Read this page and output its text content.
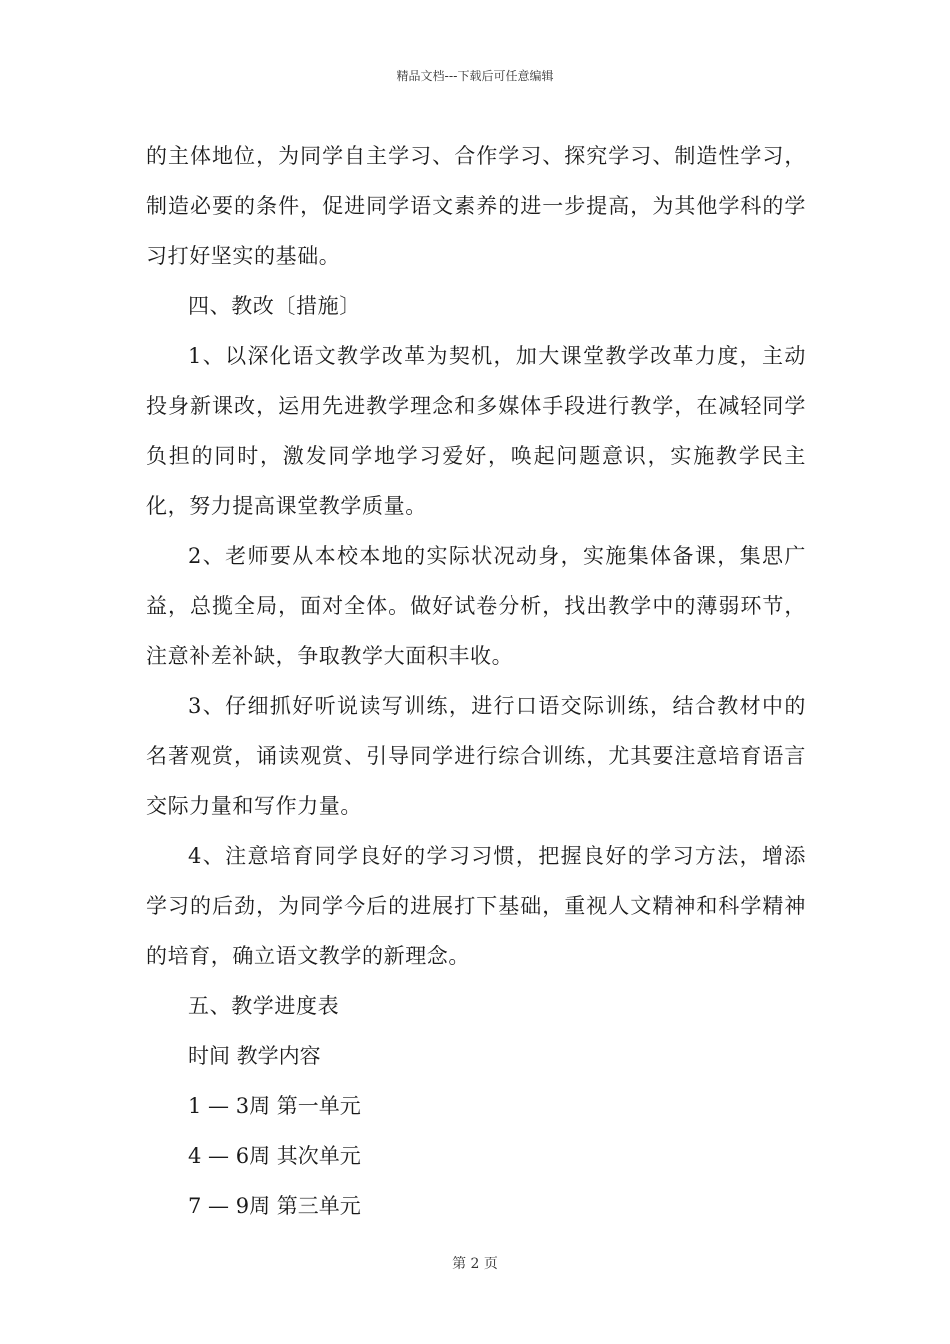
精品文档---下载后可任意编辑

的主体地位，为同学自主学习、合作学习、探究学习、制造性学习，制造必要的条件，促进同学语文素养的进一步提高，为其他学科的学习打好坚实的基础。

四、教改〔措施〕

1、以深化语文教学改革为契机，加大课堂教学改革力度，主动投身新课改，运用先进教学理念和多媒体手段进行教学，在减轻同学负担的同时，激发同学地学习爱好，唤起问题意识，实施教学民主化，努力提高课堂教学质量。

2、老师要从本校本地的实际状况动身，实施集体备课，集思广益，总揽全局，面对全体。做好试卷分析，找出教学中的薄弱环节，注意补差补缺，争取教学大面积丰收。

3、仔细抓好听说读写训练，进行口语交际训练，结合教材中的名著观赏，诵读观赏、引导同学进行综合训练，尤其要注意培育语言交际力量和写作力量。

4、注意培育同学良好的学习习惯，把握良好的学习方法，增添学习的后劲，为同学今后的进展打下基础，重视人文精神和科学精神的培育，确立语文教学的新理念。

五、教学进度表

时间 教学内容
1 — 3周 第一单元
4 — 6周 其次单元
7 — 9周 第三单元
第 2 页
